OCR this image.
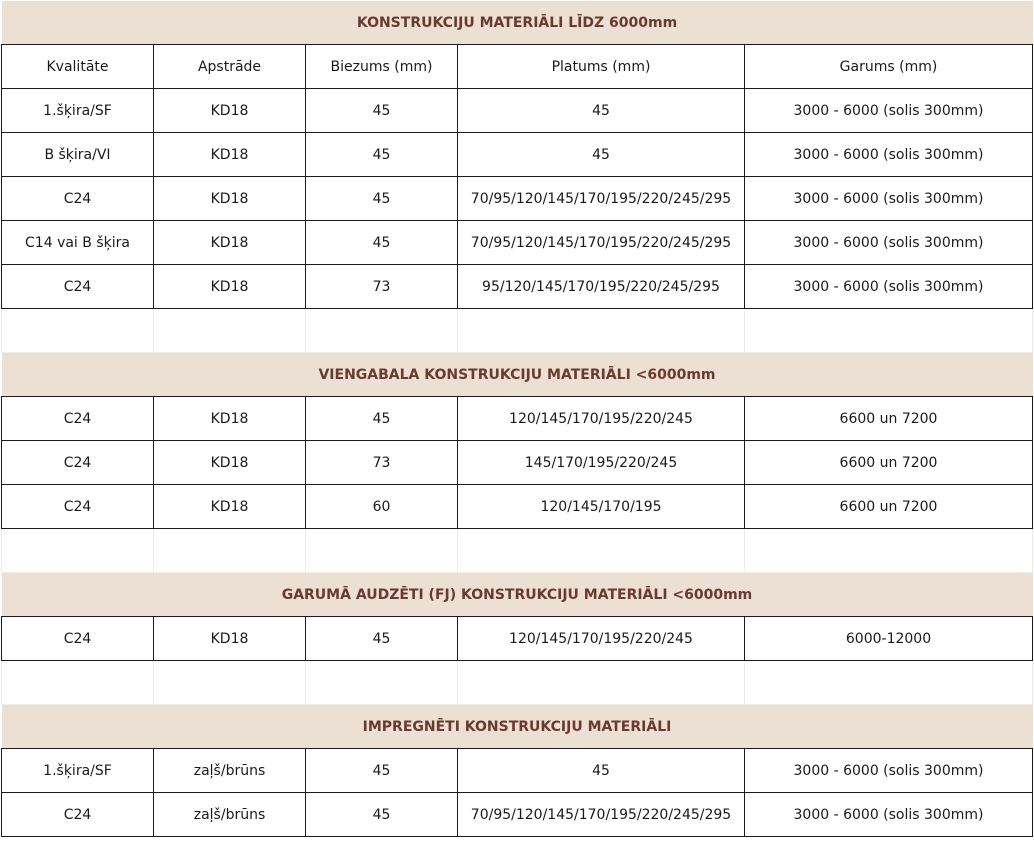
KONSTRUKCIJU MATERIĀLI LĪDZ 6000mm				
Kvalitāte	Apstrāde	Biezums (mm)	Platums (mm)	Garums (mm)
1.šķira/SF	KD18	45	45	3000 - 6000 (solis 300mm)
B šķira/VI	KD18	45	45	3000 - 6000 (solis 300mm)
C24	KD18	45	70/95/120/145/170/195/220/245/295	3000 - 6000 (solis 300mm)
C14 vai B šķira	KD18	45	70/95/120/145/170/195/220/245/295	3000 - 6000 (solis 300mm)
C24	KD18	73	95/120/145/170/195/220/245/295	3000 - 6000 (solis 300mm)

VIENGABALA KONSTRUKCIJU MATERIĀLI <6000mm				
C24	KD18	45	120/145/170/195/220/245	6600 un 7200
C24	KD18	73	145/170/195/220/245	6600 un 7200
C24	KD18	60	120/145/170/195	6600 un 7200

GARUMĀ AUDZĒTI (FJ) KONSTRUKCIJU MATERIĀLI <6000mm				
C24	KD18	45	120/145/170/195/220/245	6000-12000

IMPREGNĒTI KONSTRUKCIJU MATERIĀLI				
1.šķira/SF	zaļš/brūns	45	45	3000 - 6000 (solis 300mm)
C24	zaļš/brūns	45	70/95/120/145/170/195/220/245/295	3000 - 6000 (solis 300mm)
